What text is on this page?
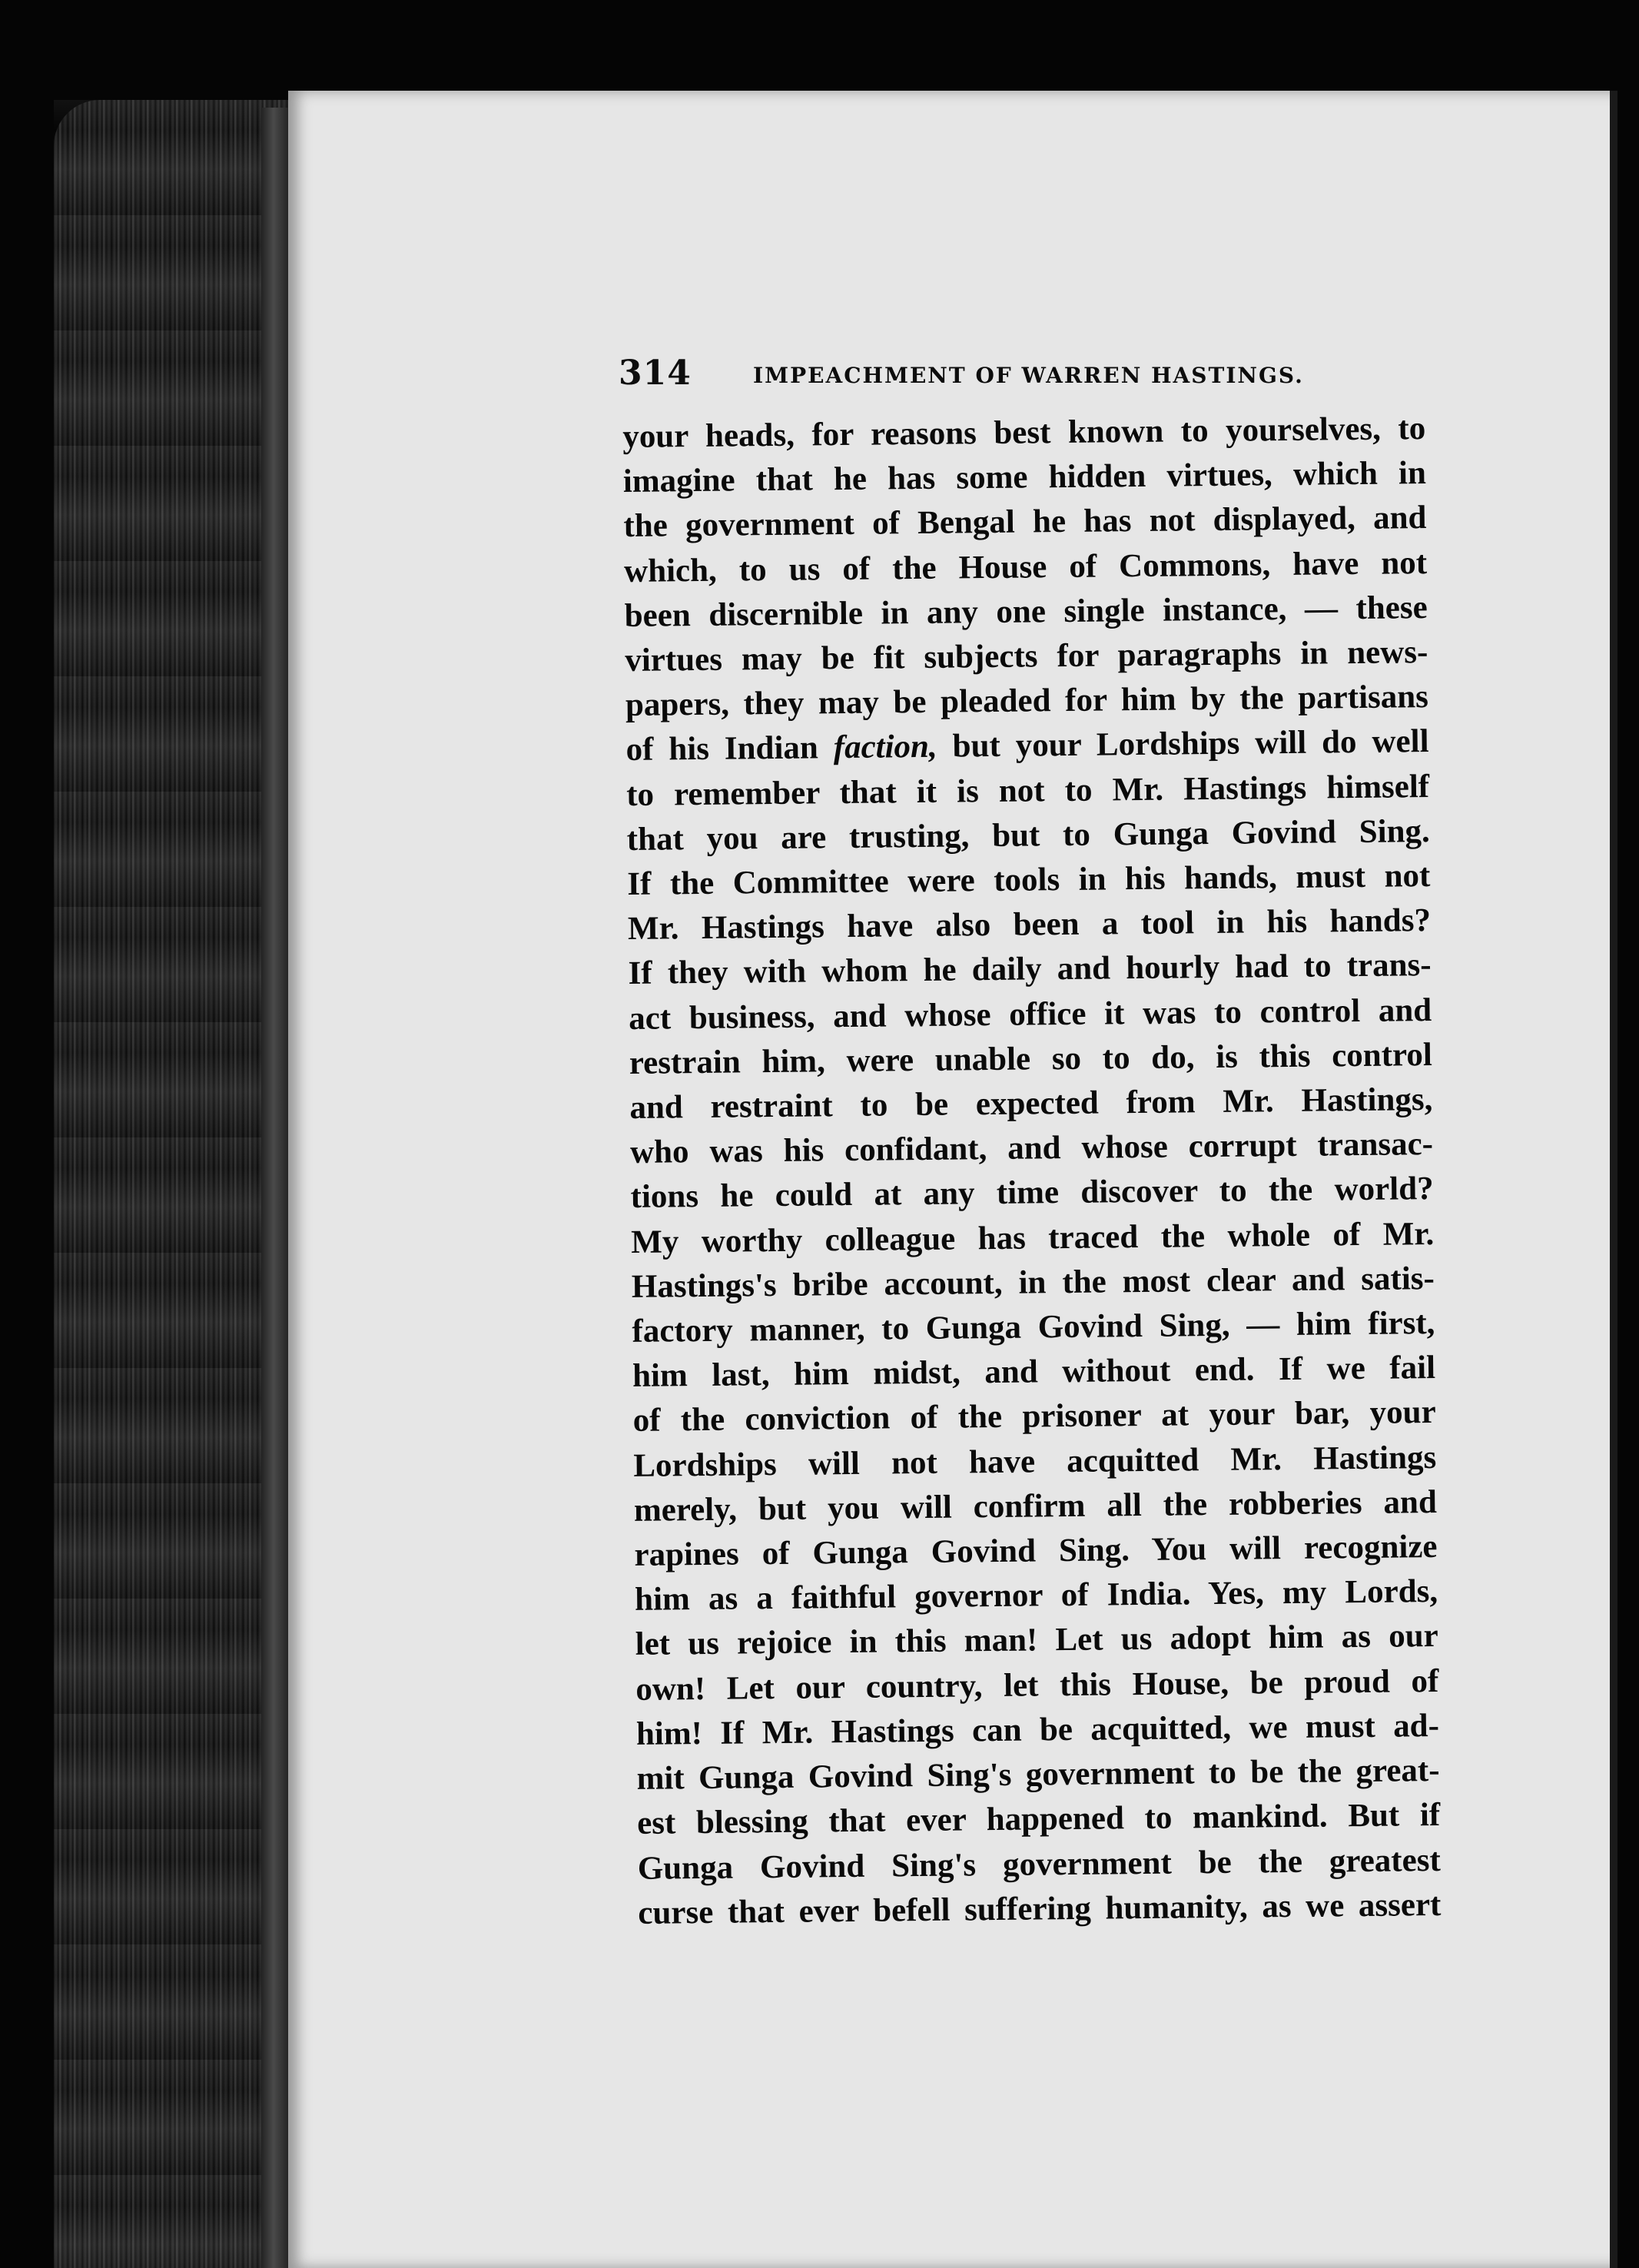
314	IMPEACHMENT OF WARREN HASTINGS.
your heads, for reasons best known to yourselves, to
imagine that he has some hidden virtues, which in
the government of Bengal he has not displayed, and
which, to us of the House of Commons, have not
been discernible in any one single instance, — these
virtues may be fit subjects for paragraphs in news-
papers, they may be pleaded for him by the partisans
of his Indian faction, but your Lordships will do well
to remember that it is not to Mr. Hastings himself
that you are trusting, but to Gunga Govind Sing.
If the Committee were tools in his hands, must not
Mr. Hastings have also been a tool in his hands?
If they with whom he daily and hourly had to trans-
act business, and whose office it was to control and
restrain him, were unable so to do, is this control
and restraint to be expected from Mr. Hastings,
who was his confidant, and whose corrupt transac-
tions he could at any time discover to the world?
My worthy colleague has traced the whole of Mr.
Hastings's bribe account, in the most clear and satis-
factory manner, to Gunga Govind Sing, — him first,
him last, him midst, and without end. If we fail
of the conviction of the prisoner at your bar, your
Lordships will not have acquitted Mr. Hastings
merely, but you will confirm all the robberies and
rapines of Gunga Govind Sing. You will recognize
him as a faithful governor of India. Yes, my Lords,
let us rejoice in this man! Let us adopt him as our
own! Let our country, let this House, be proud of
him! If Mr. Hastings can be acquitted, we must ad-
mit Gunga Govind Sing's government to be the great-
est blessing that ever happened to mankind. But if
Gunga Govind Sing's government be the greatest
curse that ever befell suffering humanity, as we assert
